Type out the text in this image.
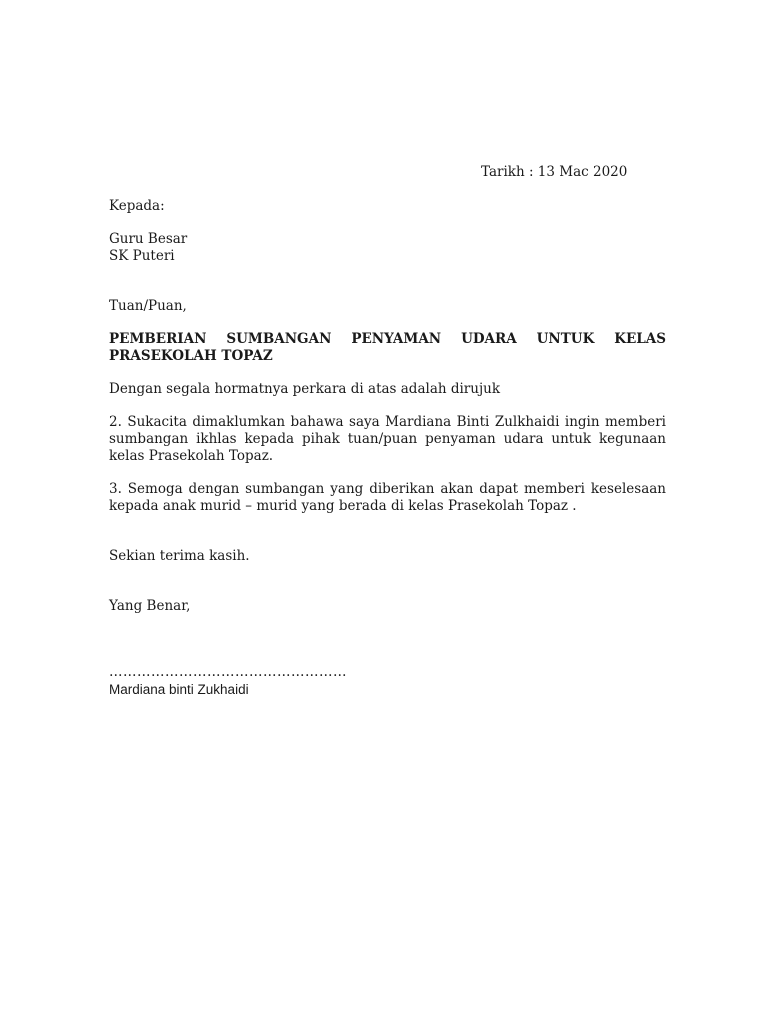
Tarikh : 13 Mac 2020
Kepada:
Guru Besar
SK Puteri
Tuan/Puan,
PEMBERIAN SUMBANGAN PENYAMAN UDARA UNTUK KELAS PRASEKOLAH TOPAZ
Dengan segala hormatnya perkara di atas adalah dirujuk
2. Sukacita dimaklumkan bahawa saya Mardiana Binti Zulkhaidi ingin memberi sumbangan ikhlas kepada pihak tuan/puan penyaman udara untuk kegunaan kelas Prasekolah Topaz.
3. Semoga dengan sumbangan yang diberikan akan dapat memberi keselesaan kepada anak murid – murid yang berada di kelas Prasekolah Topaz .
Sekian terima kasih.
Yang Benar,
……………………………………………
Mardiana binti Zukhaidi
